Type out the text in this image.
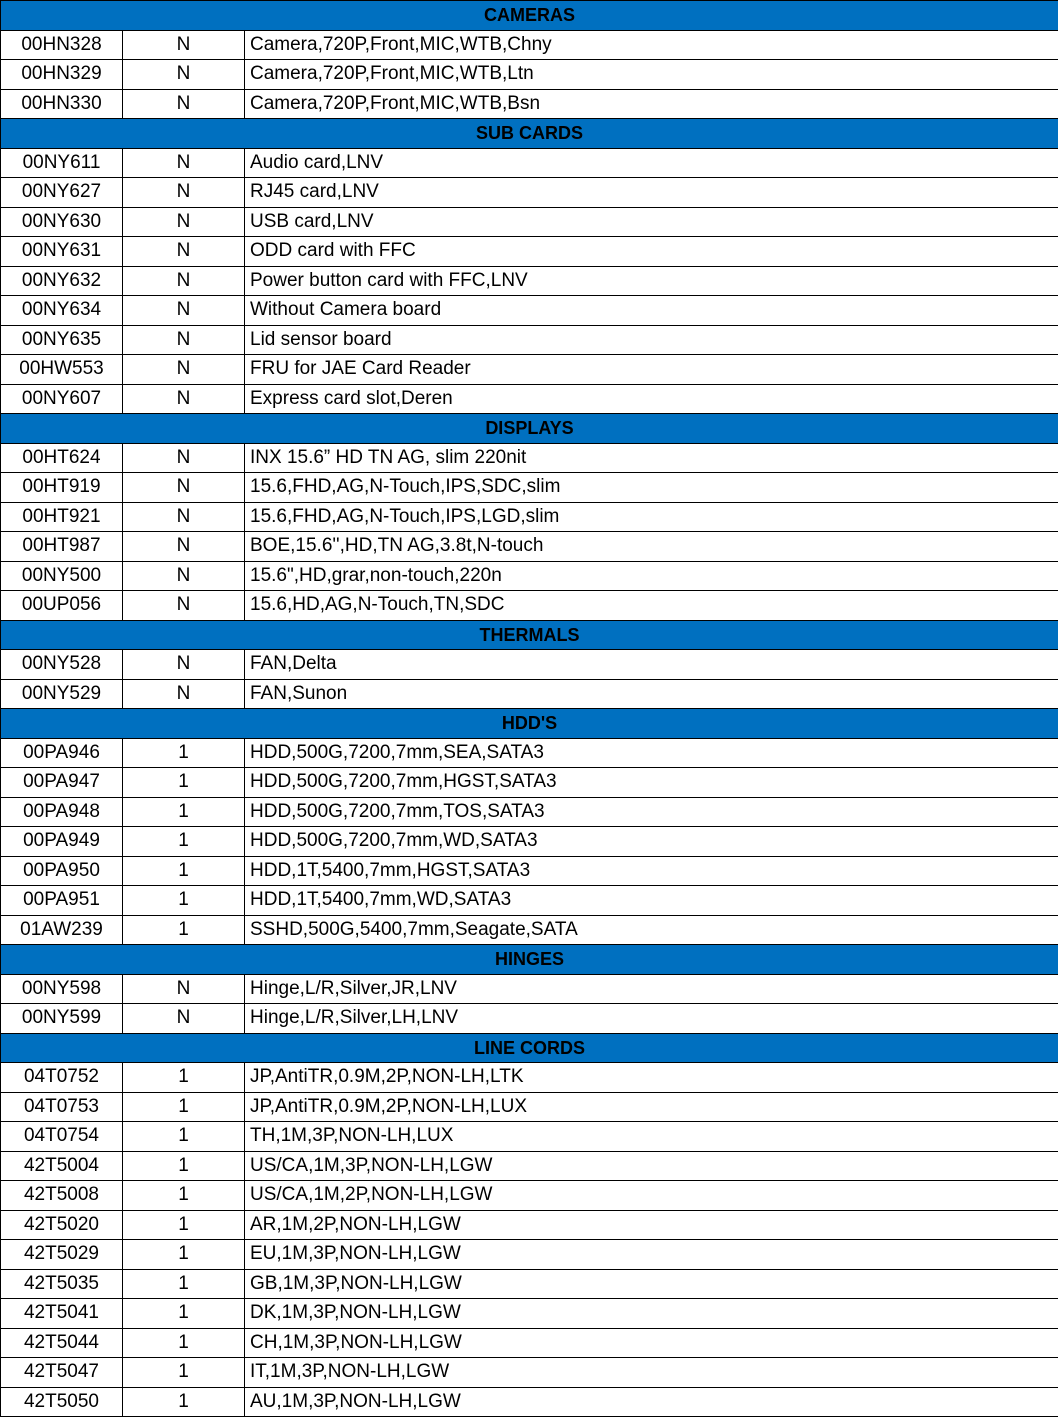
CAMERAS		
00HN328	N	Camera,720P,Front,MIC,WTB,Chny
00HN329	N	Camera,720P,Front,MIC,WTB,Ltn
00HN330	N	Camera,720P,Front,MIC,WTB,Bsn
SUB CARDS		
00NY611	N	Audio card,LNV
00NY627	N	RJ45 card,LNV
00NY630	N	USB card,LNV
00NY631	N	ODD card with FFC
00NY632	N	Power button card with FFC,LNV
00NY634	N	Without Camera board
00NY635	N	Lid sensor board
00HW553	N	FRU for JAE Card Reader
00NY607	N	Express card slot,Deren
DISPLAYS		
00HT624	N	INX 15.6” HD TN AG, slim 220nit
00HT919	N	15.6,FHD,AG,N-Touch,IPS,SDC,slim
00HT921	N	15.6,FHD,AG,N-Touch,IPS,LGD,slim
00HT987	N	BOE,15.6'',HD,TN AG,3.8t,N-touch
00NY500	N	15.6",HD,grar,non-touch,220n
00UP056	N	15.6,HD,AG,N-Touch,TN,SDC
THERMALS		
00NY528	N	FAN,Delta
00NY529	N	FAN,Sunon
HDD'S		
00PA946	1	HDD,500G,7200,7mm,SEA,SATA3
00PA947	1	HDD,500G,7200,7mm,HGST,SATA3
00PA948	1	HDD,500G,7200,7mm,TOS,SATA3
00PA949	1	HDD,500G,7200,7mm,WD,SATA3
00PA950	1	HDD,1T,5400,7mm,HGST,SATA3
00PA951	1	HDD,1T,5400,7mm,WD,SATA3
01AW239	1	SSHD,500G,5400,7mm,Seagate,SATA
HINGES		
00NY598	N	Hinge,L/R,Silver,JR,LNV
00NY599	N	Hinge,L/R,Silver,LH,LNV
LINE CORDS		
04T0752	1	JP,AntiTR,0.9M,2P,NON-LH,LTK
04T0753	1	JP,AntiTR,0.9M,2P,NON-LH,LUX
04T0754	1	TH,1M,3P,NON-LH,LUX
42T5004	1	US/CA,1M,3P,NON-LH,LGW
42T5008	1	US/CA,1M,2P,NON-LH,LGW
42T5020	1	AR,1M,2P,NON-LH,LGW
42T5029	1	EU,1M,3P,NON-LH,LGW
42T5035	1	GB,1M,3P,NON-LH,LGW
42T5041	1	DK,1M,3P,NON-LH,LGW
42T5044	1	CH,1M,3P,NON-LH,LGW
42T5047	1	IT,1M,3P,NON-LH,LGW
42T5050	1	AU,1M,3P,NON-LH,LGW
